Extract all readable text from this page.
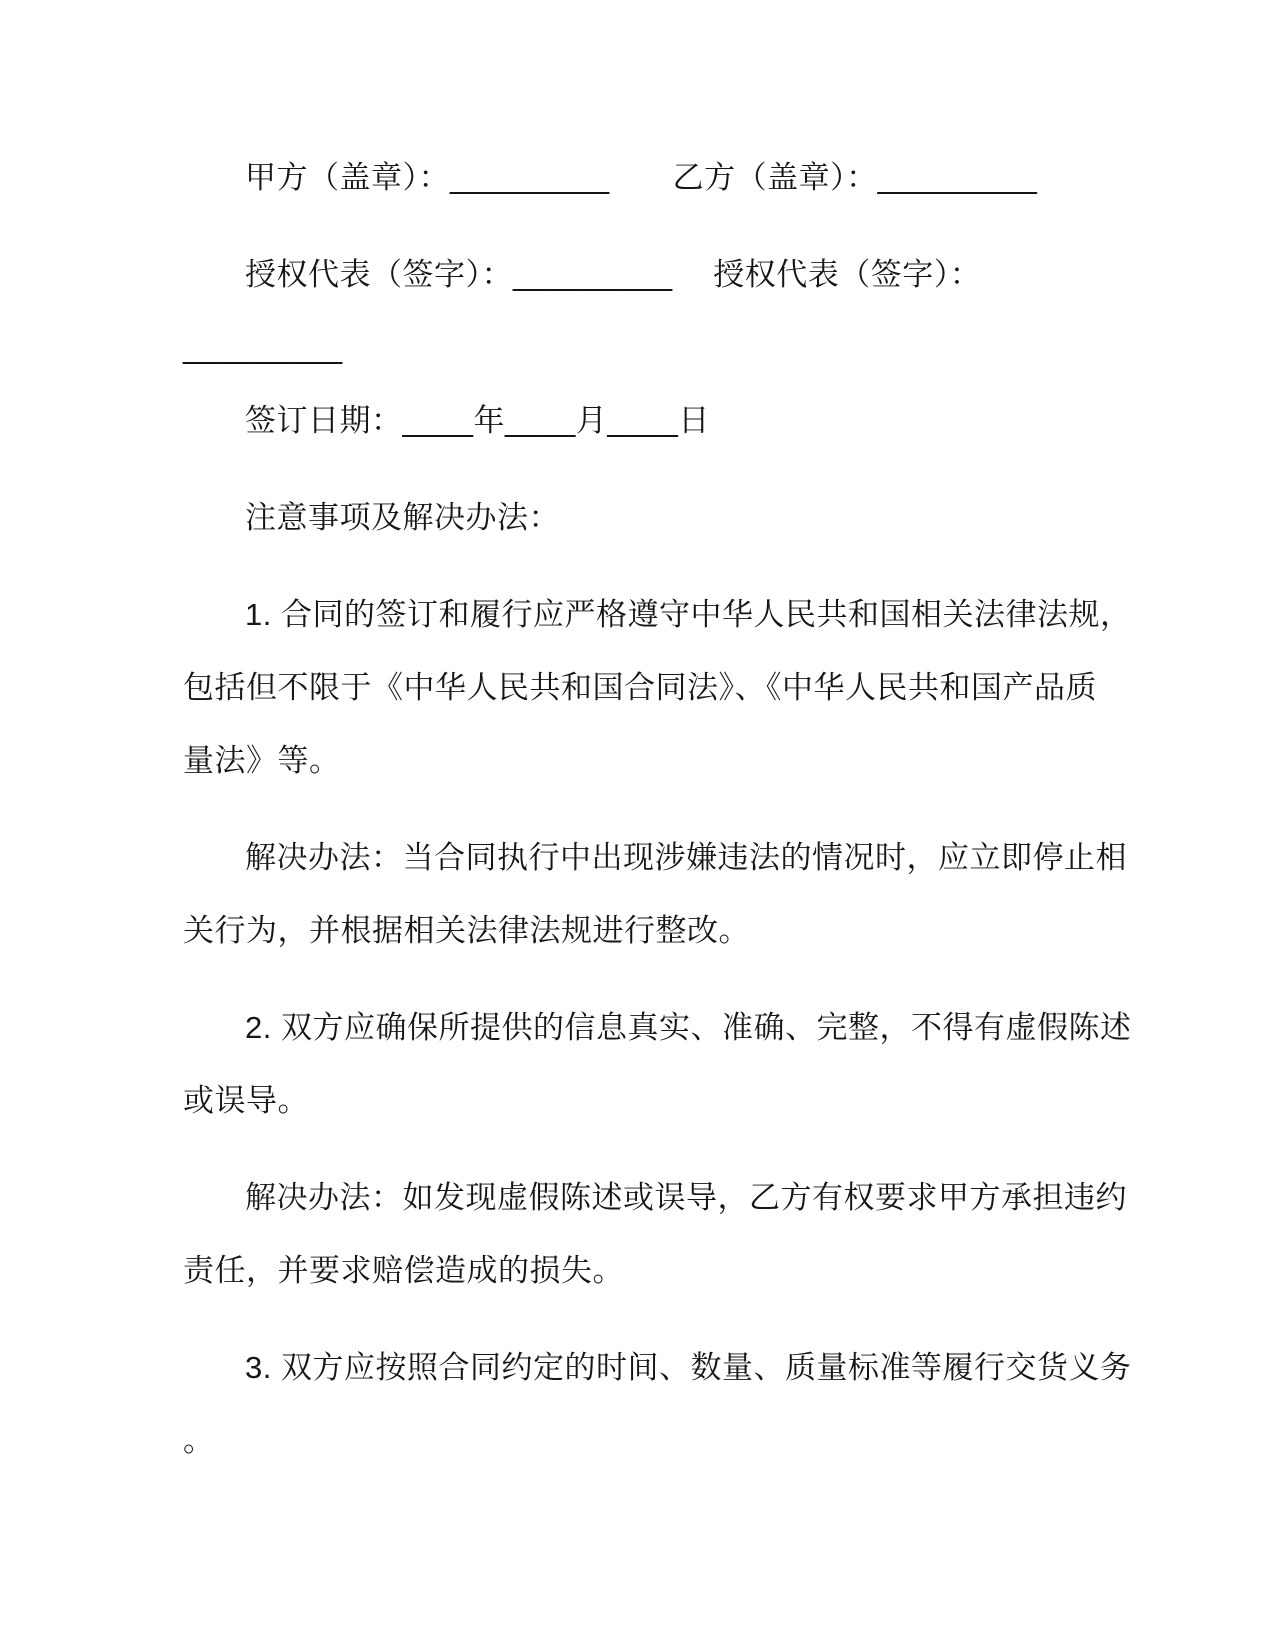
甲方（盖章）：_________　　乙方（盖章）：_________
授权代表（签字）：_________　 授权代表（签字）：
_________
签订日期：____年____月____日
注意事项及解决办法：
1. 合同的签订和履行应严格遵守中华人民共和国相关法律法规，
包括但不限于《中华人民共和国合同法》、《中华人民共和国产品质
量法》等。
解决办法：当合同执行中出现涉嫌违法的情况时，应立即停止相
关行为，并根据相关法律法规进行整改。
2. 双方应确保所提供的信息真实、准确、完整，不得有虚假陈述
或误导。
解决办法：如发现虚假陈述或误导，乙方有权要求甲方承担违约
责任，并要求赔偿造成的损失。
3. 双方应按照合同约定的时间、数量、质量标准等履行交货义务
。
